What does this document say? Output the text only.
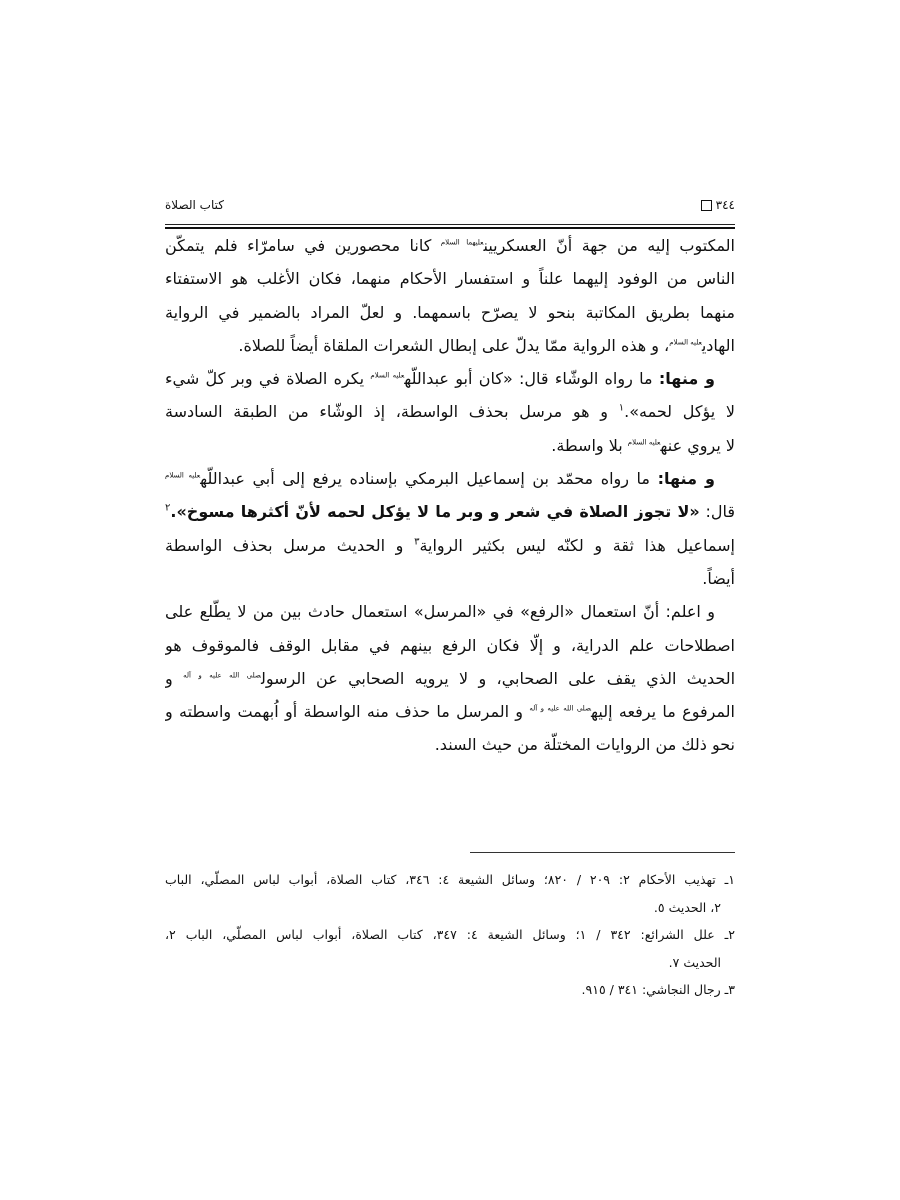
كتاب الصلاة	٣٤٤
المكتوب إليه من جهة أنّ العسكريين$^{عليهما السلام}$ كانا محصورين في سامرّاء فلم يتمكّن
الناس من الوفود إليهما علناً و استفسار الأحكام منهما، فكان الأغلب هو الاستفتاء
منهما بطريق المكاتبة بنحو لا يصرّح باسمهما. و لعلّ المراد بالضمير في الرواية
الهادي$^{عليه السلام}$، و هذه الرواية ممّا يدلّ على إبطال الشعرات الملقاة أيضاً للصلاة.
و منها: ما رواه الوشّاء قال: «كان أبو عبداللّه$^{عليه السلام}$ يكره الصلاة في وبر كلّ شيء
لا يؤكل لحمه».$^١$ و هو مرسل بحذف الواسطة، إذ الوشّاء من الطبقة السادسة
لا يروي عنه$^{عليه السلام}$ بلا واسطة.
و منها: ما رواه محمّد بن إسماعيل البرمكي بإسناده يرفع إلى أبي عبداللّه$^{عليه السلام}$
قال: «لا تجوز الصلاة في شعر و وبر ما لا يؤكل لحمه لأنّ أكثرها مسوخ».$^٢$
إسماعيل هذا ثقة و لكنّه ليس بكثير الرواية$^٣$ و الحديث مرسل بحذف الواسطة
أيضاً.
و اعلم: أنّ استعمال «الرفع» في «المرسل» استعمال حادث بين من لا يطّلع على
اصطلاحات علم الدراية، و إلّا فكان الرفع بينهم في مقابل الوقف فالموقوف هو
الحديث الذي يقف على الصحابي، و لا يرويه الصحابي عن الرسول$^{صلى الله عليه و آله}$ و
المرفوع ما يرفعه إليه$^{صلى الله عليه و آله}$ و المرسل ما حذف منه الواسطة أو اُبهمت واسطته و
نحو ذلك من الروايات المختلّة من حيث السند.
١ـ تهذيب الأحكام ٢: ٢٠٩ / ٨٢٠؛ وسائل الشيعة ٤: ٣٤٦، كتاب الصلاة، أبواب لباس المصلّي، الباب
٢، الحديث ٥.
٢ـ علل الشرائع: ٣٤٢ / ١؛ وسائل الشيعة ٤: ٣٤٧، كتاب الصلاة، أبواب لباس المصلّي، الباب ٢،
الحديث ٧.
٣ـ رجال النجاشي: ٣٤١ / ٩١٥.
